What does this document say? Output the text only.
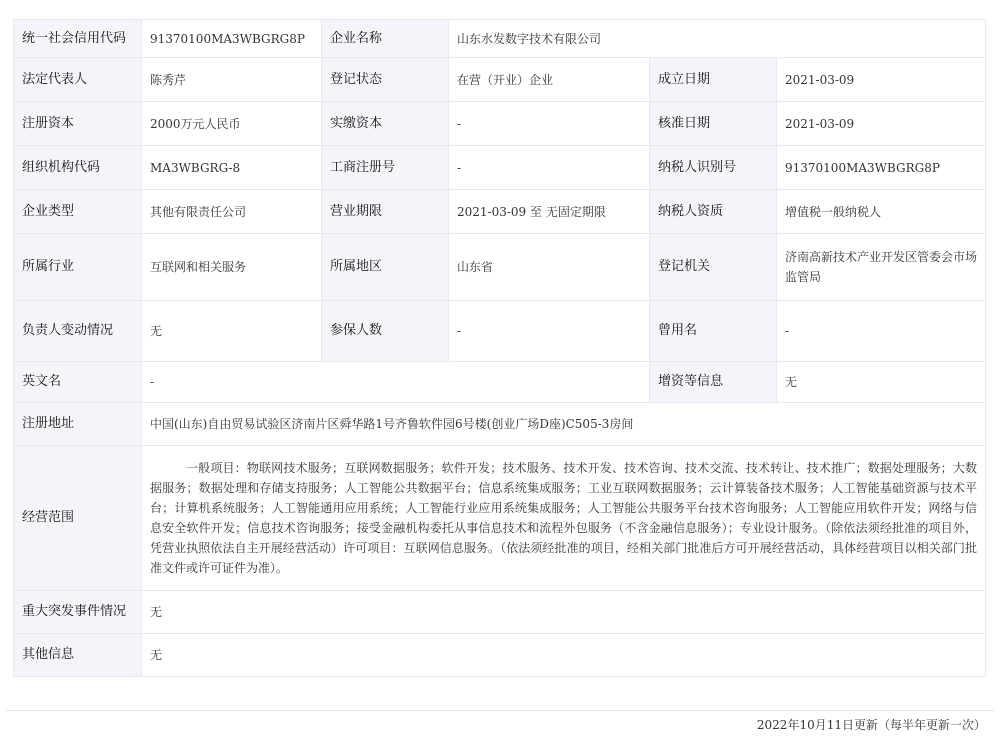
统一社会信用代码	91370100MA3WBGRG8P	企业名称	山东水发数字技术有限公司		
法定代表人	陈秀芹	登记状态	在营（开业）企业	成立日期	2021-03-09
注册资本	2000万元人民币	实缴资本	-	核准日期	2021-03-09
组织机构代码	MA3WBGRG-8	工商注册号	-	纳税人识别号	91370100MA3WBGRG8P
企业类型	其他有限责任公司	营业期限	2021-03-09 至 无固定期限	纳税人资质	增值税一般纳税人
所属行业	互联网和相关服务	所属地区	山东省	登记机关	济南高新技术产业开发区管委会市场监管局
负责人变动情况	无	参保人数	-	曾用名	-
英文名	-			增资等信息	无
注册地址	中国(山东)自由贸易试验区济南片区舜华路1号齐鲁软件园6号楼(创业广场D座)C505-3房间				
经营范围	一般项目：物联网技术服务；互联网数据服务；软件开发；技术服务、技术开发、技术咨询、技术交流、技术转让、技术推广；数据处理服务；大数据服务；数据处理和存储支持服务；人工智能公共数据平台；信息系统集成服务；工业互联网数据服务；云计算装备技术服务；人工智能基础资源与技术平台；计算机系统服务；人工智能通用应用系统；人工智能行业应用系统集成服务；人工智能公共服务平台技术咨询服务；人工智能应用软件开发；网络与信息安全软件开发；信息技术咨询服务；接受金融机构委托从事信息技术和流程外包服务（不含金融信息服务）；专业设计服务。（除依法须经批准的项目外，凭营业执照依法自主开展经营活动）许可项目：互联网信息服务。（依法须经批准的项目，经相关部门批准后方可开展经营活动，具体经营项目以相关部门批准文件或许可证件为准）。				
重大突发事件情况	无				
其他信息	无				
2022年10月11日更新（每半年更新一次）
